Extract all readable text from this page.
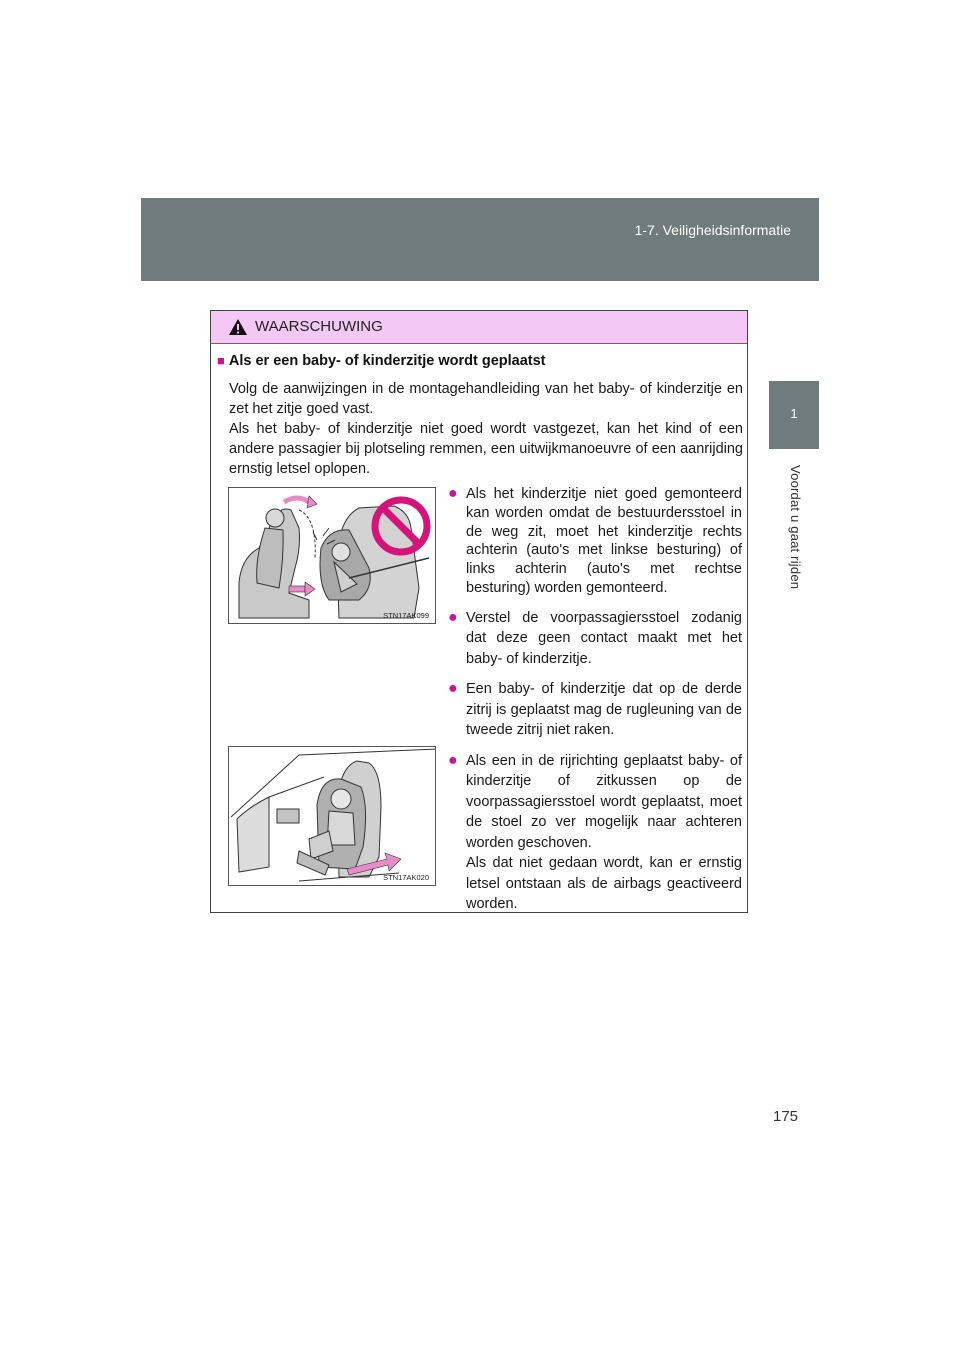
1-7. Veiligheidsinformatie
1
Voordat u gaat rijden
WAARSCHUWING
■ Als er een baby- of kinderzitje wordt geplaatst

Volg de aanwijzingen in de montagehandleiding van het baby- of kinderzitje en zet het zitje goed vast.

Als het baby- of kinderzitje niet goed wordt vastgezet, kan het kind of een andere passagier bij plotseling remmen, een uitwijkmanoeuvre of een aanrijding ernstig letsel oplopen.

STN17AK099
STN17AK020
● Als het kinderzitje niet goed gemonteerd kan worden omdat de bestuurdersstoel in de weg zit, moet het kinderzitje rechts achterin (auto's met linkse besturing) of links achterin (auto's met rechtse besturing) worden gemonteerd.

● Verstel de voorpassagiersstoel zodanig dat deze geen contact maakt met het baby- of kinderzitje.

● Een baby- of kinderzitje dat op de derde zitrij is geplaatst mag de rugleuning van de tweede zitrij niet raken.

● Als een in de rijrichting geplaatst baby- of kinderzitje of zitkussen op de voorpassagiersstoel wordt geplaatst, moet de stoel zo ver mogelijk naar achteren worden geschoven.

Als dat niet gedaan wordt, kan er ernstig letsel ontstaan als de airbags geactiveerd worden.

175
